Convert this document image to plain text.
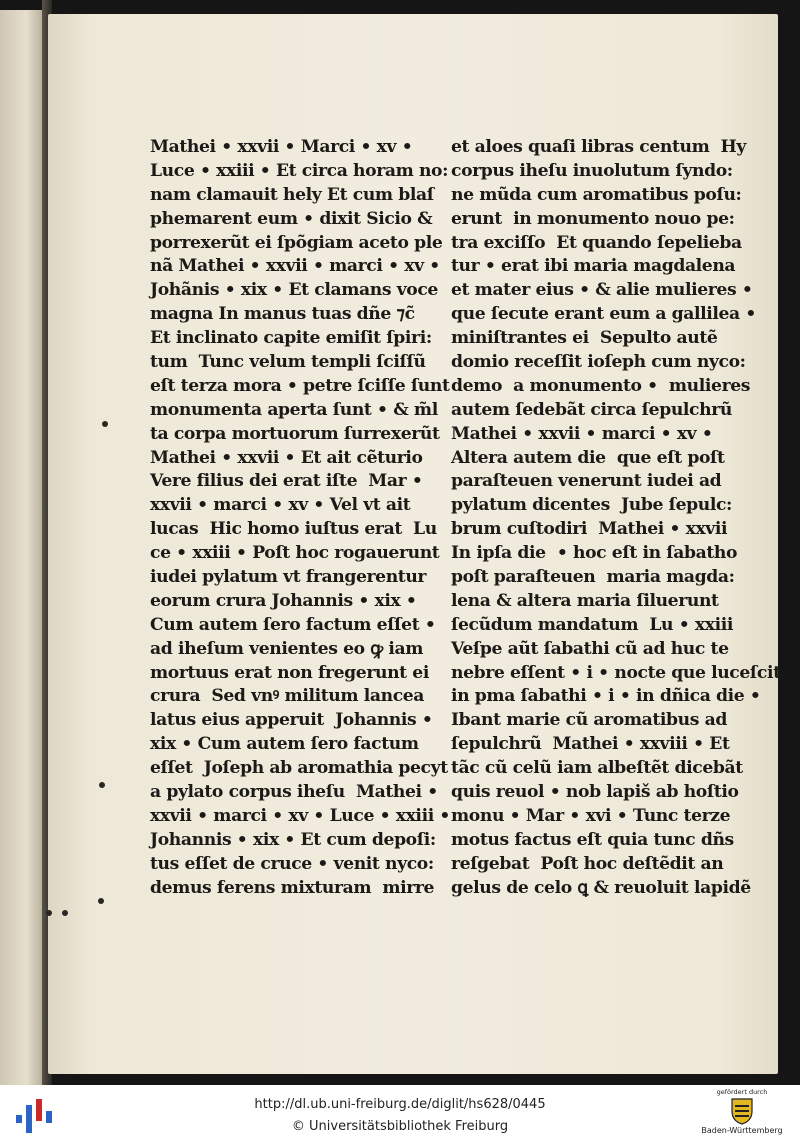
Mathei • xxvii • Marci • xv •
Luce • xxiii • Et circa horam no:
nam clamauit hely Et cum blaſ
phemarent eum • dixit Sicio &
porrexerũt ei ſpõgiam aceto ple
nã Mathei • xxvii • marci • xv •
Johãnis • xix • Et clamans voce
magna In manus tuas dñe ⁊c̃
Et inclinato capite emiſit ſpiri:
tum  Tunc velum templi ſciſſũ
eſt terza mora • petre ſciſſe ſunt
monumenta aperta ſunt • & m̃l
ta corpa mortuorum ſurrexerũt
Mathei • xxvii • Et ait cẽturio
Vere filius dei erat iſte  Mar •
xxvii • marci • xv • Vel vt ait
lucas  Hic homo iuſtus erat  Lu
ce • xxiii • Poſt hoc rogauerunt
iudei pylatum vt frangerentur
eorum crura Johannis • xix •
Cum autem ſero factum eſſet •
ad iheſum venientes eo ꝙ iam
mortuus erat non fregerunt ei
crura  Sed vnꝰ militum lancea
latus eius apperuit  Johannis •
xix • Cum autem ſero factum
eſſet  Joſeph ab aromathia pecyt
a pylato corpus iheſu  Mathei •
xxvii • marci • xv • Luce • xxiii •
Johannis • xix • Et cum depoſi:
tus eſſet de cruce • venit nyco:
demus ferens mixturam  mirre
et aloes quaſi libras centum  Hy
corpus iheſu inuolutum ſyndo:
ne mũda cum aromatibus poſu:
erunt  in monumento nouo pe:
tra exciſſo  Et quando ſepelieba
tur • erat ibi maria magdalena
et mater eius • & alie mulieres •
que ſecute erant eum a gallilea •
miniſtrantes ei  Sepulto autẽ
domio receſſit ioſeph cum nyco:
demo  a monumento •  mulieres
autem ſedebãt circa ſepulchrũ
Mathei • xxvii • marci • xv •
Altera autem die  que eſt poſt
paraſteuen venerunt iudei ad
pylatum dicentes  Jube ſepulc:
brum cuſtodiri  Mathei • xxvii
In ipſa die  • hoc eſt in ſabatho
poſt paraſteuen  maria magda:
lena & altera maria ſiluerunt
ſecũdum mandatum  Lu • xxiii
Veſpe aũt ſabathi cũ ad huc te
nebre eſſent • i • nocte que luceſcit
in pma ſabathi • i • in dñica die •
Ibant marie cũ aromatibus ad
ſepulchrũ  Mathei • xxviii • Et
tãc cũ celũ iam albeſtẽt dicebãt
quis reuol • nob lapiš ab hoſtio
monu • Mar • xvi • Tunc terze
motus factus eſt quia tunc dñs
reſgebat  Poſt hoc deſtẽdit an
gelus de celo ꝗ & reuoluit lapidẽ
http://dl.ub.uni-freiburg.de/diglit/hs628/0445
© Universitätsbibliothek Freiburg
gefördert durch
Baden-Württemberg
